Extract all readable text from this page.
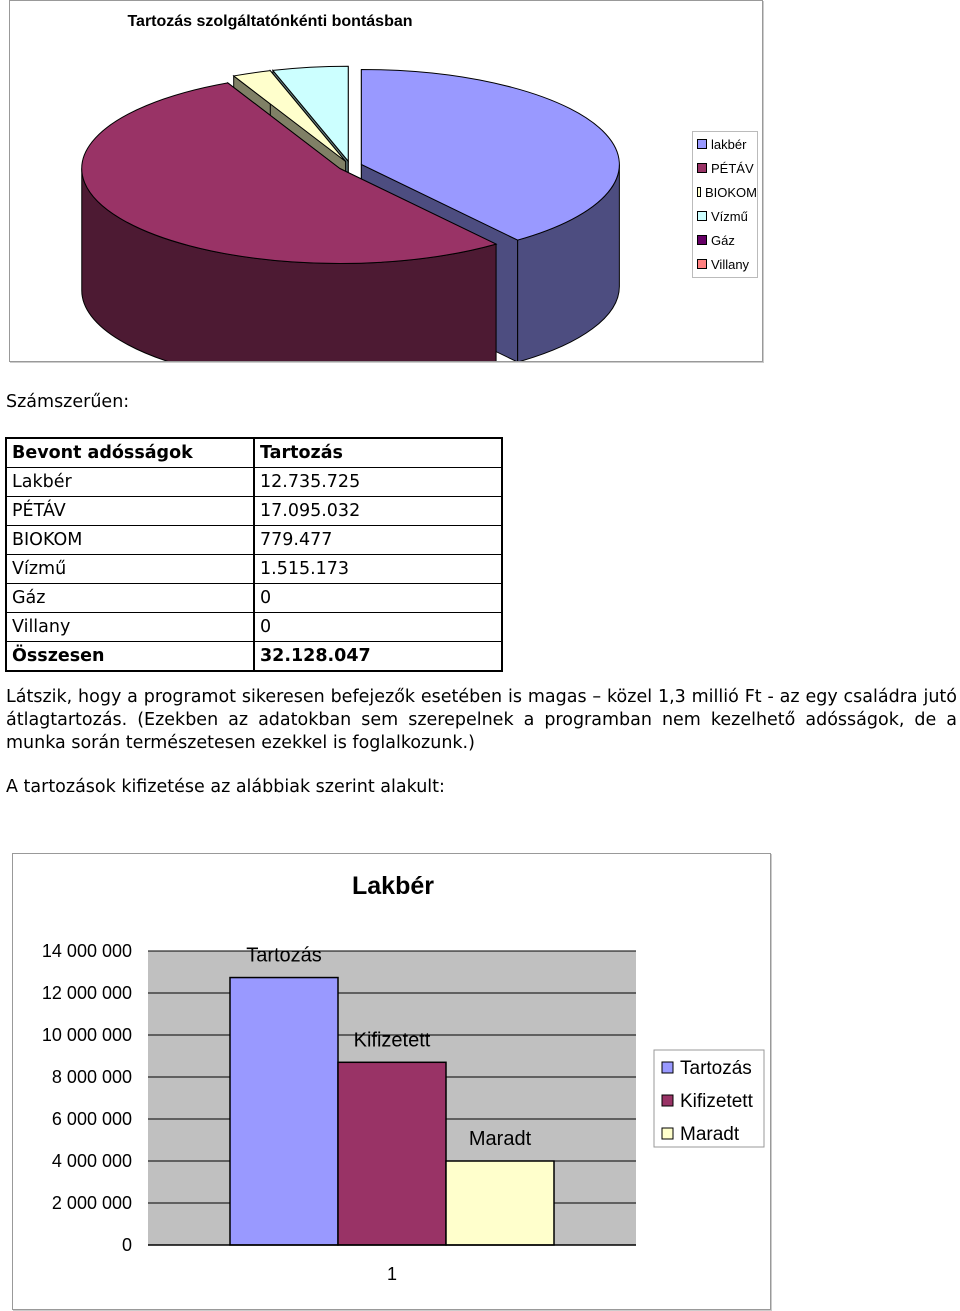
Tartozás szolgáltatónkénti bontásban
lakbér
PÉTÁV
BIOKOM
Vízmű
Gáz
Villany
Számszerűen:
Bevont adósságok	Tartozás
Lakbér	12.735.725
PÉTÁV	17.095.032
BIOKOM	779.477
Vízmű	1.515.173
Gáz	0
Villany	0
Összesen	32.128.047
Látszik, hogy a programot sikeresen befejezők esetében is magas – közel 1,3 millió Ft - az egy családra jutó átlagtartozás. (Ezekben az adatokban sem szerepelnek a programban nem kezelhető adósságok, de a munka során természetesen ezekkel is foglalkozunk.)
A tartozások kifizetése az alábbiak szerint alakult:
Lakbér
0
2 000 000
4 000 000
6 000 000
8 000 000
10 000 000
12 000 000
14 000 000	Tartozás
Kifizetett
Maradt
1
Tartozás
Kifizetett
Maradt
